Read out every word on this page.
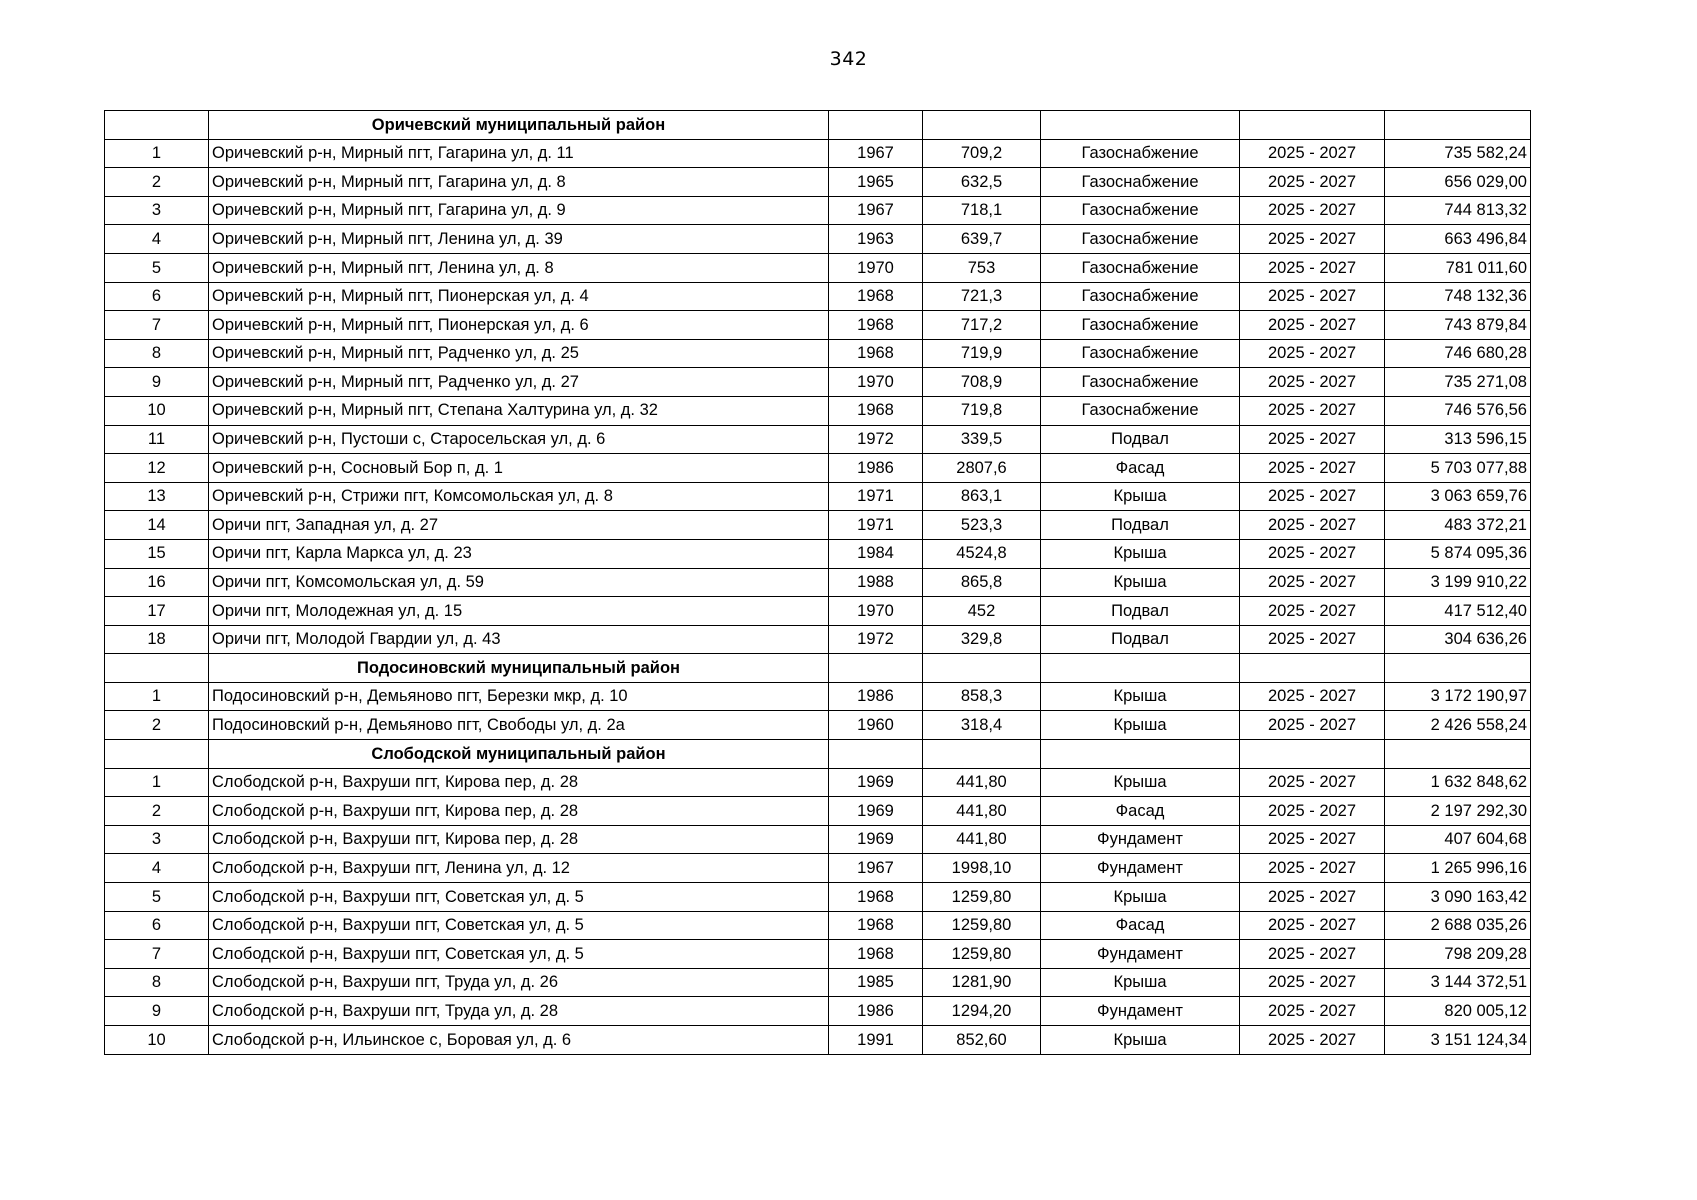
342
	Оричевский муниципальный район					
1	Оричевский р-н, Мирный пгт, Гагарина ул, д. 11	1967	709,2	Газоснабжение	2025 - 2027	735 582,24
2	Оричевский р-н, Мирный пгт, Гагарина ул, д. 8	1965	632,5	Газоснабжение	2025 - 2027	656 029,00
3	Оричевский р-н, Мирный пгт, Гагарина ул, д. 9	1967	718,1	Газоснабжение	2025 - 2027	744 813,32
4	Оричевский р-н, Мирный пгт, Ленина ул, д. 39	1963	639,7	Газоснабжение	2025 - 2027	663 496,84
5	Оричевский р-н, Мирный пгт, Ленина ул, д. 8	1970	753	Газоснабжение	2025 - 2027	781 011,60
6	Оричевский р-н, Мирный пгт, Пионерская ул, д. 4	1968	721,3	Газоснабжение	2025 - 2027	748 132,36
7	Оричевский р-н, Мирный пгт, Пионерская ул, д. 6	1968	717,2	Газоснабжение	2025 - 2027	743 879,84
8	Оричевский р-н, Мирный пгт, Радченко ул, д. 25	1968	719,9	Газоснабжение	2025 - 2027	746 680,28
9	Оричевский р-н, Мирный пгт, Радченко ул, д. 27	1970	708,9	Газоснабжение	2025 - 2027	735 271,08
10	Оричевский р-н, Мирный пгт, Степана Халтурина ул, д. 32	1968	719,8	Газоснабжение	2025 - 2027	746 576,56
11	Оричевский р-н, Пустоши с, Старосельская ул, д. 6	1972	339,5	Подвал	2025 - 2027	313 596,15
12	Оричевский р-н, Сосновый Бор п, д. 1	1986	2807,6	Фасад	2025 - 2027	5 703 077,88
13	Оричевский р-н, Стрижи пгт, Комсомольская ул, д. 8	1971	863,1	Крыша	2025 - 2027	3 063 659,76
14	Оричи пгт, Западная ул, д. 27	1971	523,3	Подвал	2025 - 2027	483 372,21
15	Оричи пгт, Карла Маркса ул, д. 23	1984	4524,8	Крыша	2025 - 2027	5 874 095,36
16	Оричи пгт, Комсомольская ул, д. 59	1988	865,8	Крыша	2025 - 2027	3 199 910,22
17	Оричи пгт, Молодежная ул, д. 15	1970	452	Подвал	2025 - 2027	417 512,40
18	Оричи пгт, Молодой Гвардии ул, д. 43	1972	329,8	Подвал	2025 - 2027	304 636,26
	Подосиновский муниципальный район					
1	Подосиновский р-н, Демьяново пгт, Березки мкр, д. 10	1986	858,3	Крыша	2025 - 2027	3 172 190,97
2	Подосиновский р-н, Демьяново пгт, Свободы ул, д. 2а	1960	318,4	Крыша	2025 - 2027	2 426 558,24
	Слободской муниципальный район					
1	Слободской р-н, Вахруши пгт, Кирова пер, д. 28	1969	441,80	Крыша	2025 - 2027	1 632 848,62
2	Слободской р-н, Вахруши пгт, Кирова пер, д. 28	1969	441,80	Фасад	2025 - 2027	2 197 292,30
3	Слободской р-н, Вахруши пгт, Кирова пер, д. 28	1969	441,80	Фундамент	2025 - 2027	407 604,68
4	Слободской р-н, Вахруши пгт, Ленина ул, д. 12	1967	1998,10	Фундамент	2025 - 2027	1 265 996,16
5	Слободской р-н, Вахруши пгт, Советская ул, д. 5	1968	1259,80	Крыша	2025 - 2027	3 090 163,42
6	Слободской р-н, Вахруши пгт, Советская ул, д. 5	1968	1259,80	Фасад	2025 - 2027	2 688 035,26
7	Слободской р-н, Вахруши пгт, Советская ул, д. 5	1968	1259,80	Фундамент	2025 - 2027	798 209,28
8	Слободской р-н, Вахруши пгт, Труда ул, д. 26	1985	1281,90	Крыша	2025 - 2027	3 144 372,51
9	Слободской р-н, Вахруши пгт, Труда ул, д. 28	1986	1294,20	Фундамент	2025 - 2027	820 005,12
10	Слободской р-н, Ильинское с, Боровая ул, д. 6	1991	852,60	Крыша	2025 - 2027	3 151 124,34
